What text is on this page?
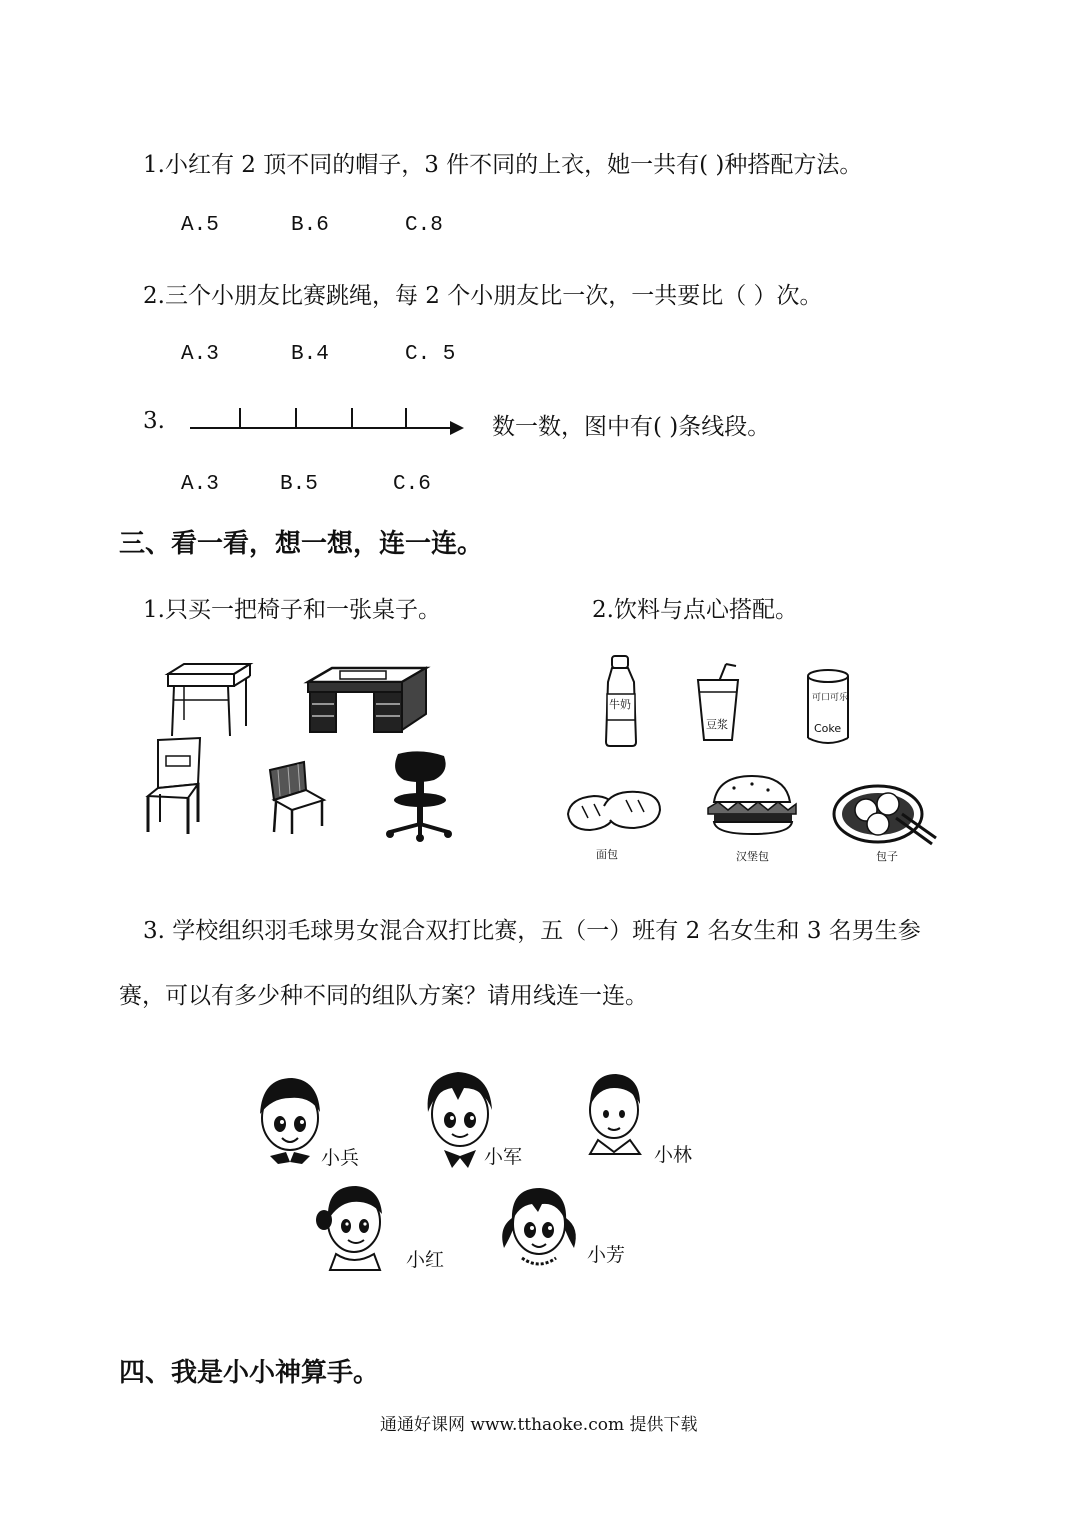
1.小红有 2 顶不同的帽子，3 件不同的上衣，她一共有( )种搭配方法。
A.5	B.6	C.8
2.三个小朋友比赛跳绳，每 2 个小朋友比一次，一共要比（ ）次。
A.3	B.4	C. 5
3.	数一数，图中有( )条线段。
A.3	B.5	C.6
三、看一看，想一想，连一连。
1.只买一把椅子和一张桌子。	2.饮料与点心搭配。
牛奶
豆浆
可口可乐
Coke
面包	汉堡包	包子
3. 学校组织羽毛球男女混合双打比赛，五（一）班有 2 名女生和 3 名男生参
赛，可以有多少种不同的组队方案？请用线连一连。
小兵	小军	小林
小红	小芳
四、我是小小神算手。
通通好课网 www.tthaoke.com 提供下载
